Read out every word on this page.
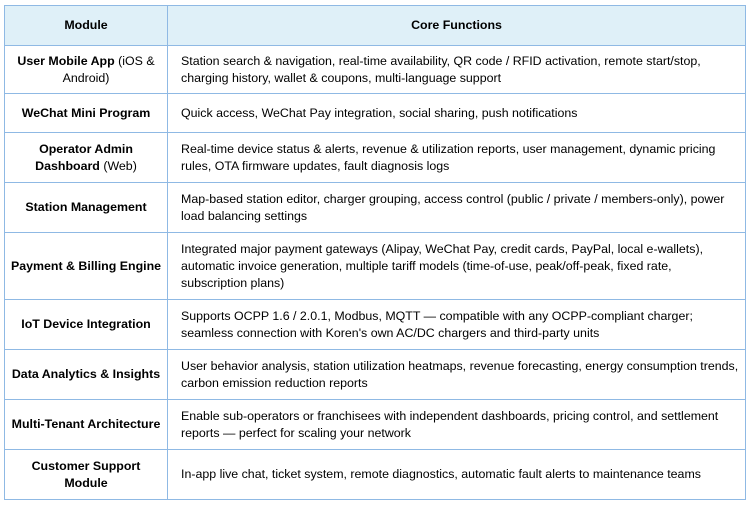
Module	Core Functions
User Mobile App (iOS & Android)	Station search & navigation, real-time availability, QR code / RFID activation, remote start/stop, charging history, wallet & coupons, multi-language support
WeChat Mini Program	Quick access, WeChat Pay integration, social sharing, push notifications
Operator Admin Dashboard (Web)	Real-time device status & alerts, revenue & utilization reports, user management, dynamic pricing rules, OTA firmware updates, fault diagnosis logs
Station Management	Map-based station editor, charger grouping, access control (public / private / members-only), power load balancing settings
Payment & Billing Engine	Integrated major payment gateways (Alipay, WeChat Pay, credit cards, PayPal, local e-wallets), automatic invoice generation, multiple tariff models (time-of-use, peak/off-peak, fixed rate, subscription plans)
IoT Device Integration	Supports OCPP 1.6 / 2.0.1, Modbus, MQTT — compatible with any OCPP-compliant charger; seamless connection with Koren's own AC/DC chargers and third-party units
Data Analytics & Insights	User behavior analysis, station utilization heatmaps, revenue forecasting, energy consumption trends, carbon emission reduction reports
Multi-Tenant Architecture	Enable sub-operators or franchisees with independent dashboards, pricing control, and settlement reports — perfect for scaling your network
Customer Support Module	In-app live chat, ticket system, remote diagnostics, automatic fault alerts to maintenance teams
